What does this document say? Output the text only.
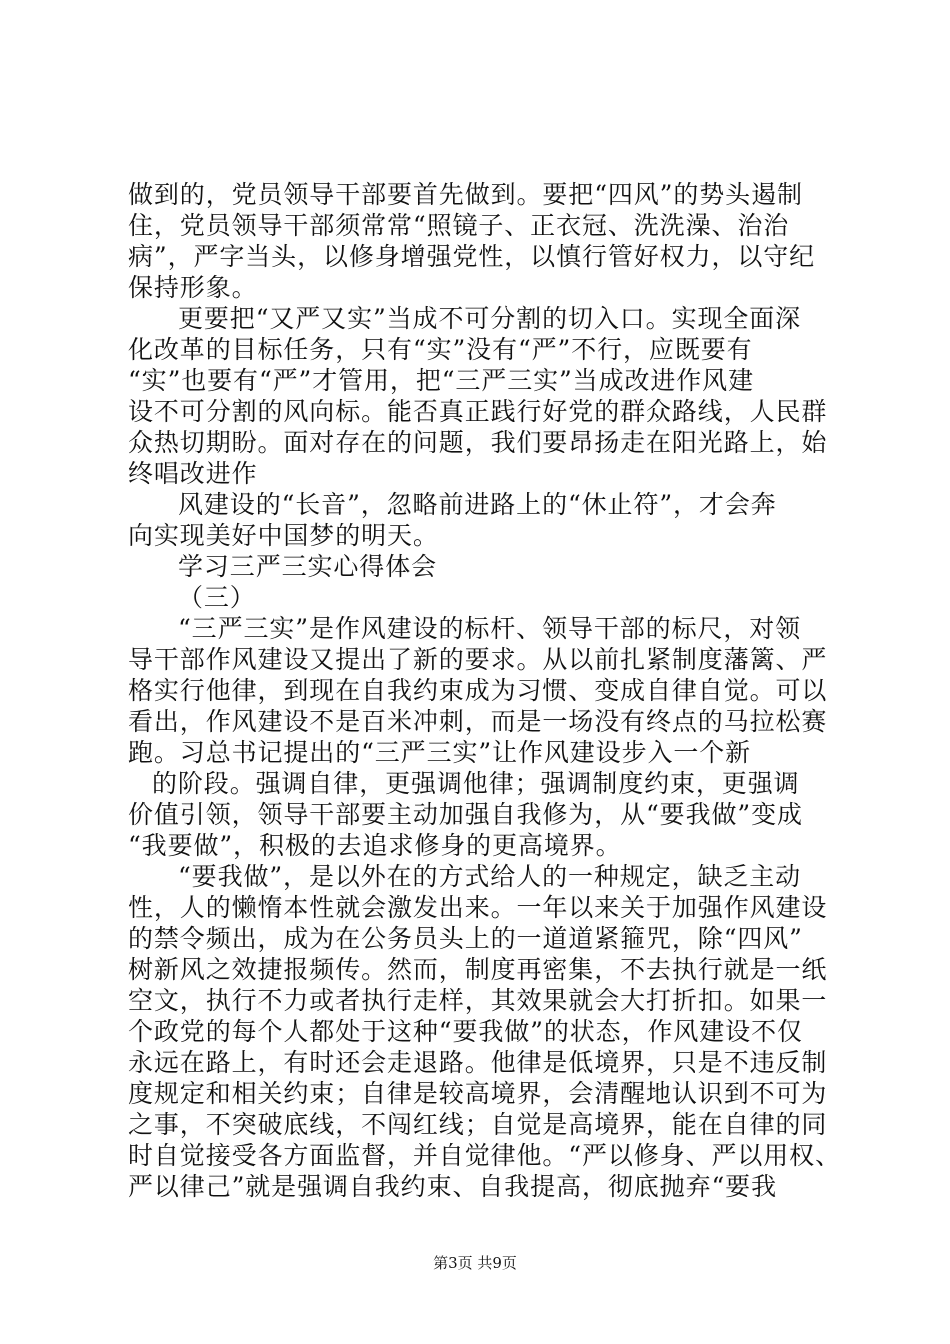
做到的，党员领导干部要首先做到。要把“四风”的势头遏制
住，党员领导干部须常常“照镜子、正衣冠、洗洗澡、治治
病”，严字当头，以修身增强党性，以慎行管好权力，以守纪
保持形象。
更要把“又严又实”当成不可分割的切入口。实现全面深
化改革的目标任务，只有“实”没有“严”不行，应既要有
“实”也要有“严”才管用，把“三严三实”当成改进作风建
设不可分割的风向标。能否真正践行好党的群众路线，人民群
众热切期盼。面对存在的问题，我们要昂扬走在阳光路上，始
终唱改进作
风建设的“长音”，忽略前进路上的“休止符”，才会奔
向实现美好中国梦的明天。
学习三严三实心得体会
（三）
“三严三实”是作风建设的标杆、领导干部的标尺，对领
导干部作风建设又提出了新的要求。从以前扎紧制度藩篱、严
格实行他律，到现在自我约束成为习惯、变成自律自觉。可以
看出，作风建设不是百米冲刺，而是一场没有终点的马拉松赛
跑。习总书记提出的“三严三实”让作风建设步入一个新
的阶段。强调自律，更强调他律；强调制度约束，更强调
价值引领，领导干部要主动加强自我修为，从“要我做”变成
“我要做”，积极的去追求修身的更高境界。
“要我做”，是以外在的方式给人的一种规定，缺乏主动
性，人的懒惰本性就会激发出来。一年以来关于加强作风建设
的禁令频出，成为在公务员头上的一道道紧箍咒，除“四风”
树新风之效捷报频传。然而，制度再密集，不去执行就是一纸
空文，执行不力或者执行走样，其效果就会大打折扣。如果一
个政党的每个人都处于这种“要我做”的状态，作风建设不仅
永远在路上，有时还会走退路。他律是低境界，只是不违反制
度规定和相关约束；自律是较高境界，会清醒地认识到不可为
之事，不突破底线，不闯红线；自觉是高境界，能在自律的同
时自觉接受各方面监督，并自觉律他。“严以修身、严以用权、
严以律己”就是强调自我约束、自我提高，彻底抛弃“要我
第3页 共9页
